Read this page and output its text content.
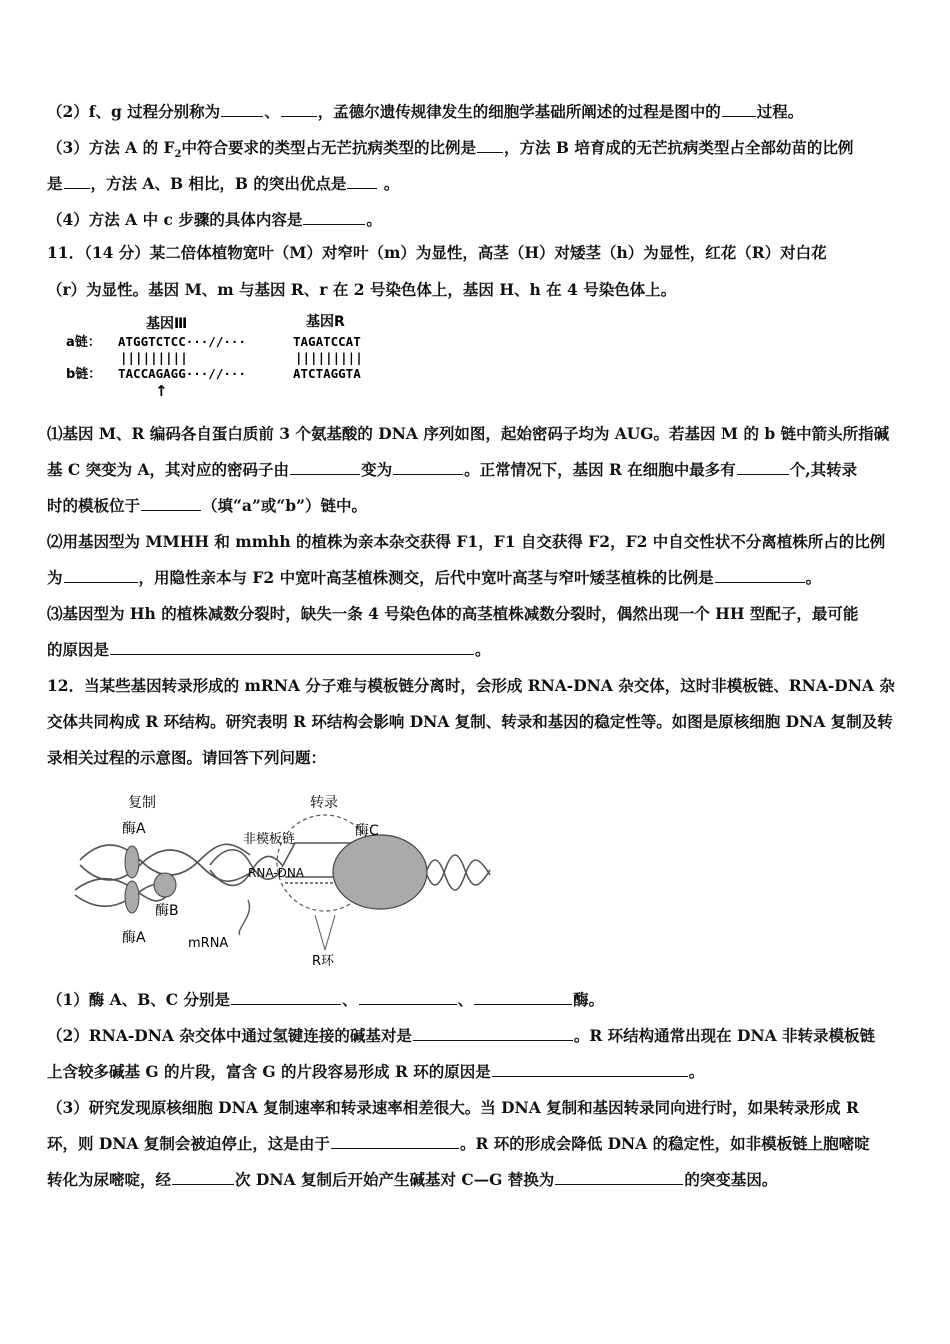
（2）f、g 过程分别称为	、 ，孟德尔遗传规律发生的细胞学基础所阐述的过程是图中的 过程。
（3）方法 A 的 $F_2$中符合要求的类型占无芒抗病类型的比例是 ，方法 B 培育成的无芒抗病类型占全部幼苗的比例
是 ，方法 A、B 相比，B 的突出优点是 。
（4）方法 A 中 c 步骤的具体内容是	。
11．（14 分）某二倍体植物宽叶（M）对窄叶（m）为显性，高茎（H）对矮茎（h）为显性，红花（R）对白花
（r）为显性。基因 M、m 与基因 R、r 在 2 号染色体上，基因 H、h 在 4 号染色体上。
基因Ⅲ	基因R
a链： ATGGTCTCC···//···	TAGATCCAT
|||||||||	|||||||||
b链： TACCAGAGG···//···	ATCTAGGTA
↑
⑴基因 M、R 编码各自蛋白质前 3 个氨基酸的 DNA 序列如图，起始密码子均为 AUG。若基因 M 的 b 链中箭头所指碱
基 C 突变为 A，其对应的密码子由	变为	。正常情况下，基因 R 在细胞中最多有	个,其转录
时的模板位于	（填“a”或“b”）链中。
⑵用基因型为 MMHH 和 mmhh 的植株为亲本杂交获得 F1，F1 自交获得 F2，F2 中自交性状不分离植株所占的比例
为	，用隐性亲本与 F2 中宽叶高茎植株测交，后代中宽叶高茎与窄叶矮茎植株的比例是	。
⑶基因型为 Hh 的植株减数分裂时，缺失一条 4 号染色体的高茎植株减数分裂时，偶然出现一个 HH 型配子，最可能
的原因是	。
12．当某些基因转录形成的 mRNA 分子难与模板链分离时，会形成 RNA-DNA 杂交体，这时非模板链、RNA-DNA 杂
交体共同构成 R 环结构。研究表明 R 环结构会影响 DNA 复制、转录和基因的稳定性等。如图是原核细胞 DNA 复制及转
录相关过程的示意图。请回答下列问题：
复制	转录
酶A	酶C
非模板链
RNA-DNA
酶B
酶A	mRNA
R环
（1）酶 A、B、C 分别是	、	、	酶。
（2）RNA-DNA 杂交体中通过氢键连接的碱基对是	。R 环结构通常出现在 DNA 非转录模板链
上含较多碱基 G 的片段，富含 G 的片段容易形成 R 环的原因是	。
（3）研究发现原核细胞 DNA 复制速率和转录速率相差很大。当 DNA 复制和基因转录同向进行时，如果转录形成 R
环，则 DNA 复制会被迫停止，这是由于	。R 环的形成会降低 DNA 的稳定性，如非模板链上胞嘧啶
转化为尿嘧啶，经	次 DNA 复制后开始产生碱基对 C—G 替换为	的突变基因。
